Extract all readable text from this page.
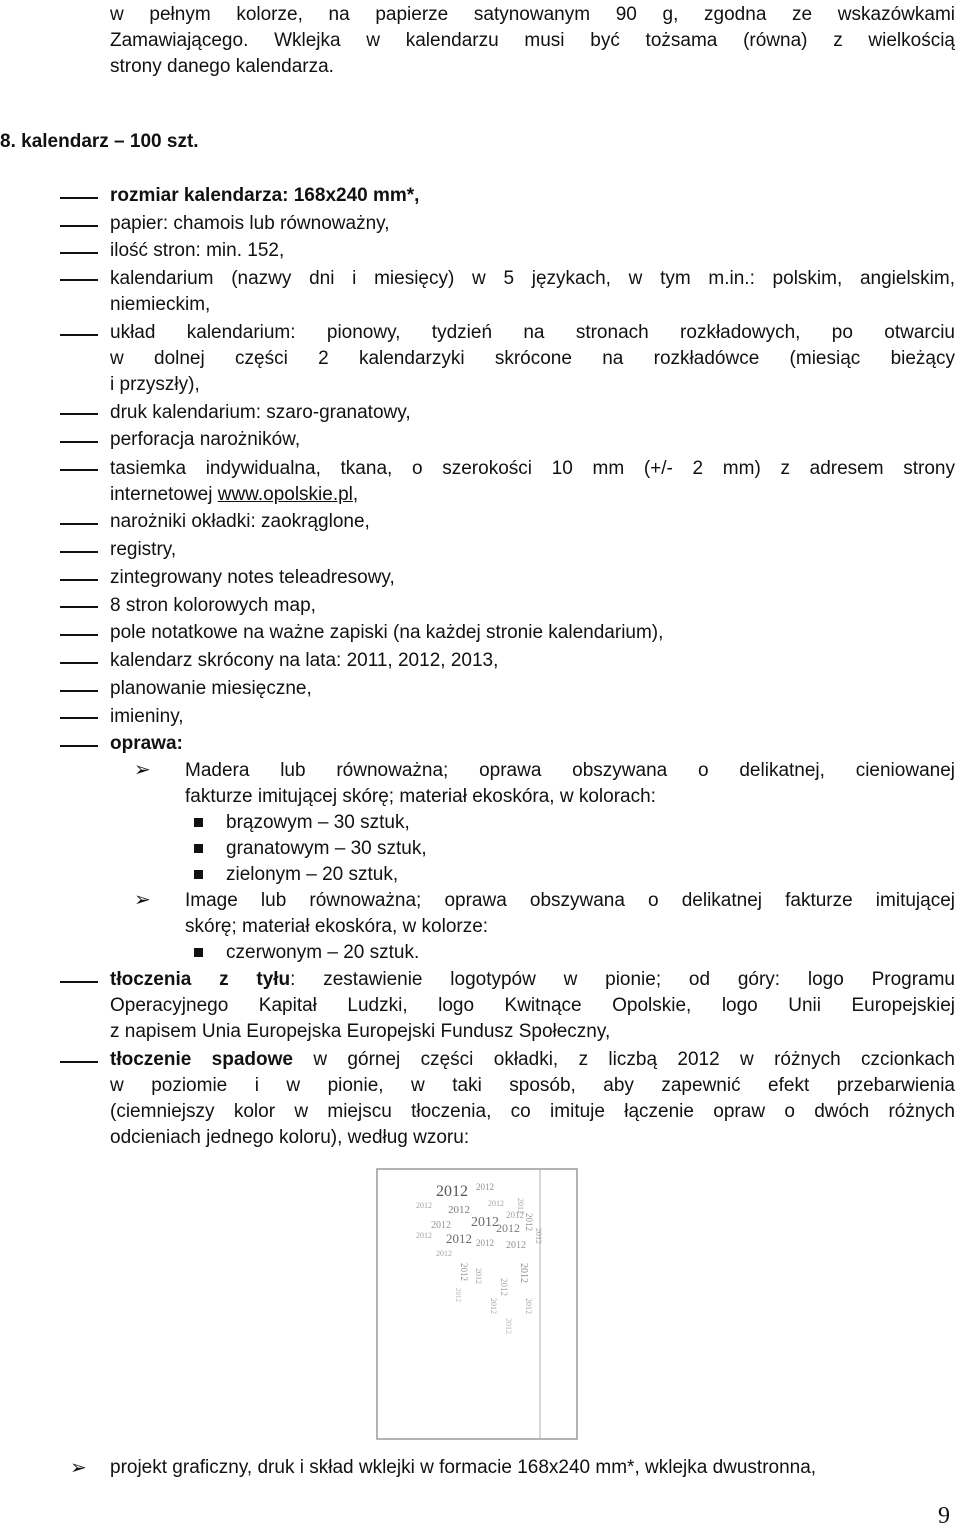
w pełnym kolorze, na papierze satynowanym 90 g, zgodna ze wskazówkami
Zamawiającego. Wklejka w kalendarzu musi być tożsama (równa) z wielkością
strony danego kalendarza.
8. kalendarz – 100 szt.
rozmiar kalendarza: 168x240 mm*,
papier: chamois lub równoważny,
ilość stron: min. 152,
kalendarium (nazwy dni i miesięcy) w 5 językach, w tym m.in.: polskim, angielskim,
niemieckim,
układ kalendarium: pionowy, tydzień na stronach rozkładowych, po otwarciu
w dolnej części 2 kalendarzyki skrócone na rozkładówce (miesiąc bieżący
i przyszły),
druk kalendarium: szaro-granatowy,
perforacja narożników,
tasiemka indywidualna, tkana, o szerokości 10 mm (+/- 2 mm) z adresem strony
internetowej www.opolskie.pl,
narożniki okładki: zaokrąglone,
registry,
zintegrowany notes teleadresowy,
8 stron kolorowych map,
pole notatkowe na ważne zapiski (na każdej stronie kalendarium),
kalendarz skrócony na lata: 2011, 2012, 2013,
planowanie miesięczne,
imieniny,
oprawa:
➢ Madera lub równoważna; oprawa obszywana o delikatnej, cieniowanej
fakturze imitującej skórę; materiał ekoskóra, w kolorach:
brązowym – 30 sztuk,
granatowym – 30 sztuk,
zielonym – 20 sztuk,
➢ Image lub równoważna; oprawa obszywana o delikatnej fakturze imitującej
skórę; materiał ekoskóra, w kolorze:
czerwonym – 20 sztuk.
tłoczenia z tyłu: zestawienie logotypów w pionie; od góry: logo Programu
Operacyjnego Kapitał Ludzki, logo Kwitnące Opolskie, logo Unii Europejskiej
z napisem Unia Europejska Europejski Fundusz Społeczny,
tłoczenie spadowe w górnej części okładki, z liczbą 2012 w różnych czcionkach
w poziomie i w pionie, w taki sposób, aby zapewnić efekt przebarwienia
(ciemniejszy kolor w miejscu tłoczenia, co imituje łączenie opraw o dwóch różnych
odcieniach jednego koloru), według wzoru:
2012 2012
2012 2012
2012
2012 2012 2012
2012 2012 2012 2012
2012
2012
2012
2012 2012	2012
2012
2012
2012	2012
2012
2012
2012
➢ projekt graficzny, druk i skład wklejki w formacie 168x240 mm*, wklejka dwustronna,
9
